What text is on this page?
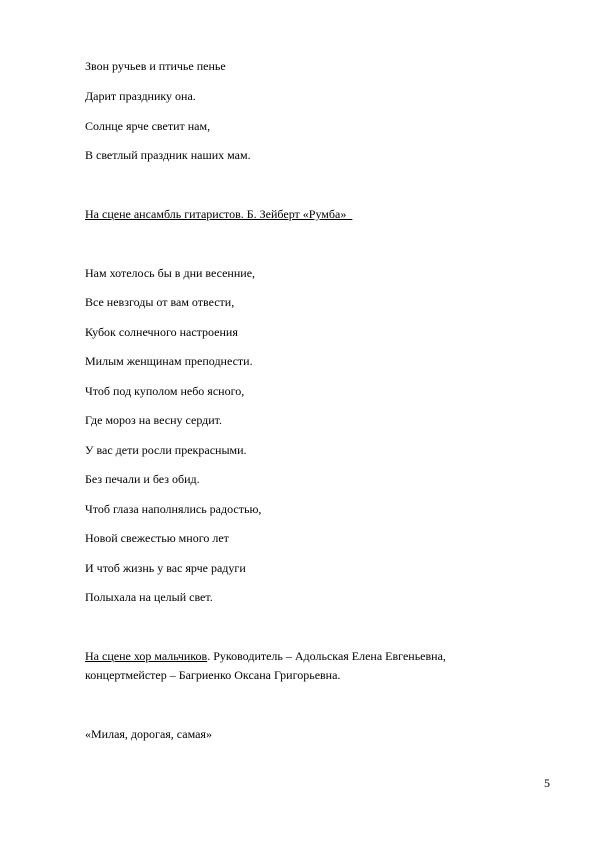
Звон ручьев и птичье пенье
Дарит празднику она.
Солнце ярче светит нам,
В светлый праздник наших мам.
На сцене ансамбль гитаристов. Б. Зейберт «Румба»
Нам хотелось бы в дни весенние,
Все невзгоды от вам отвести,
Кубок солнечного настроения
Милым женщинам преподнести.
Чтоб под куполом небо ясного,
Где мороз на весну сердит.
У вас дети росли прекрасными.
Без печали и без обид.
Чтоб глаза наполнялись радостью,
Новой свежестью много лет
И чтоб жизнь у вас ярче радуги
Полыхала на целый свет.
На сцене хор мальчиков. Руководитель – Адольская Елена Евгеньевна,
концертмейстер – Багриенко Оксана Григорьевна.
«Милая, дорогая, самая»
5
